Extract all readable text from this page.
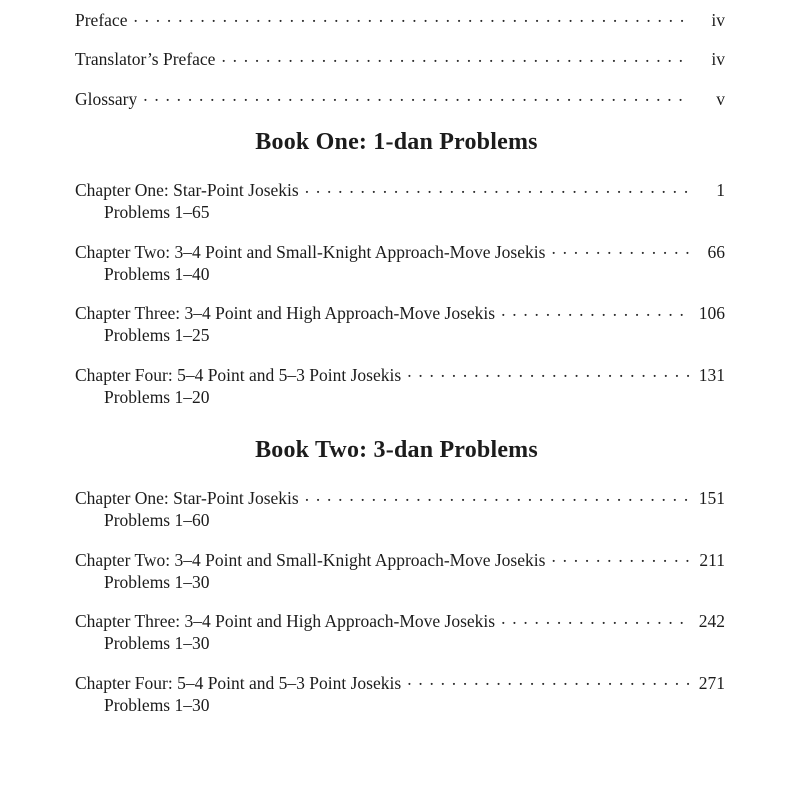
Preface . . .	iv
Translator’s Preface . . .	iv
Glossary . . .	v
Book One: 1-dan Problems
Chapter One: Star-Point Josekis . . .	1
Problems 1–65
Chapter Two: 3–4 Point and Small-Knight Approach-Move Josekis . . .	66
Problems 1–40
Chapter Three: 3–4 Point and High Approach-Move Josekis . . .	106
Problems 1–25
Chapter Four: 5–4 Point and 5–3 Point Josekis . . .	131
Problems 1–20
Book Two: 3-dan Problems
Chapter One: Star-Point Josekis . . .	151
Problems 1–60
Chapter Two: 3–4 Point and Small-Knight Approach-Move Josekis . . .	211
Problems 1–30
Chapter Three: 3–4 Point and High Approach-Move Josekis . . .	242
Problems 1–30
Chapter Four: 5–4 Point and 5–3 Point Josekis . . .	271
Problems 1–30
